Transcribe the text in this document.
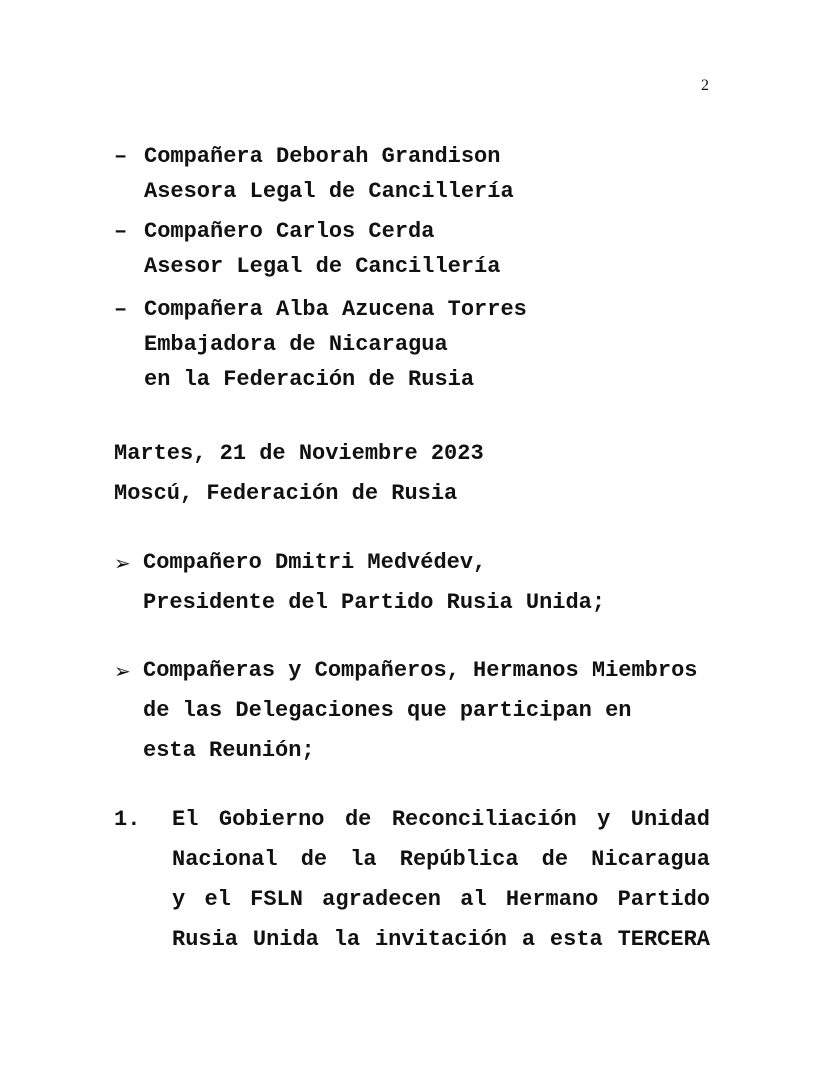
2
– Compañera Deborah Grandison
Asesora Legal de Cancillería
– Compañero Carlos Cerda
Asesor Legal de Cancillería
– Compañera Alba Azucena Torres
Embajadora de Nicaragua
en la Federación de Rusia
Martes, 21 de Noviembre 2023
Moscú, Federación de Rusia
➢ Compañero Dmitri Medvédev,
Presidente del Partido Rusia Unida;
➢ Compañeras y Compañeros, Hermanos Miembros
de las Delegaciones que participan en
esta Reunión;
1. El Gobierno de Reconciliación y Unidad
Nacional de la República de Nicaragua
y el FSLN agradecen al Hermano Partido
Rusia Unida la invitación a esta TERCERA
